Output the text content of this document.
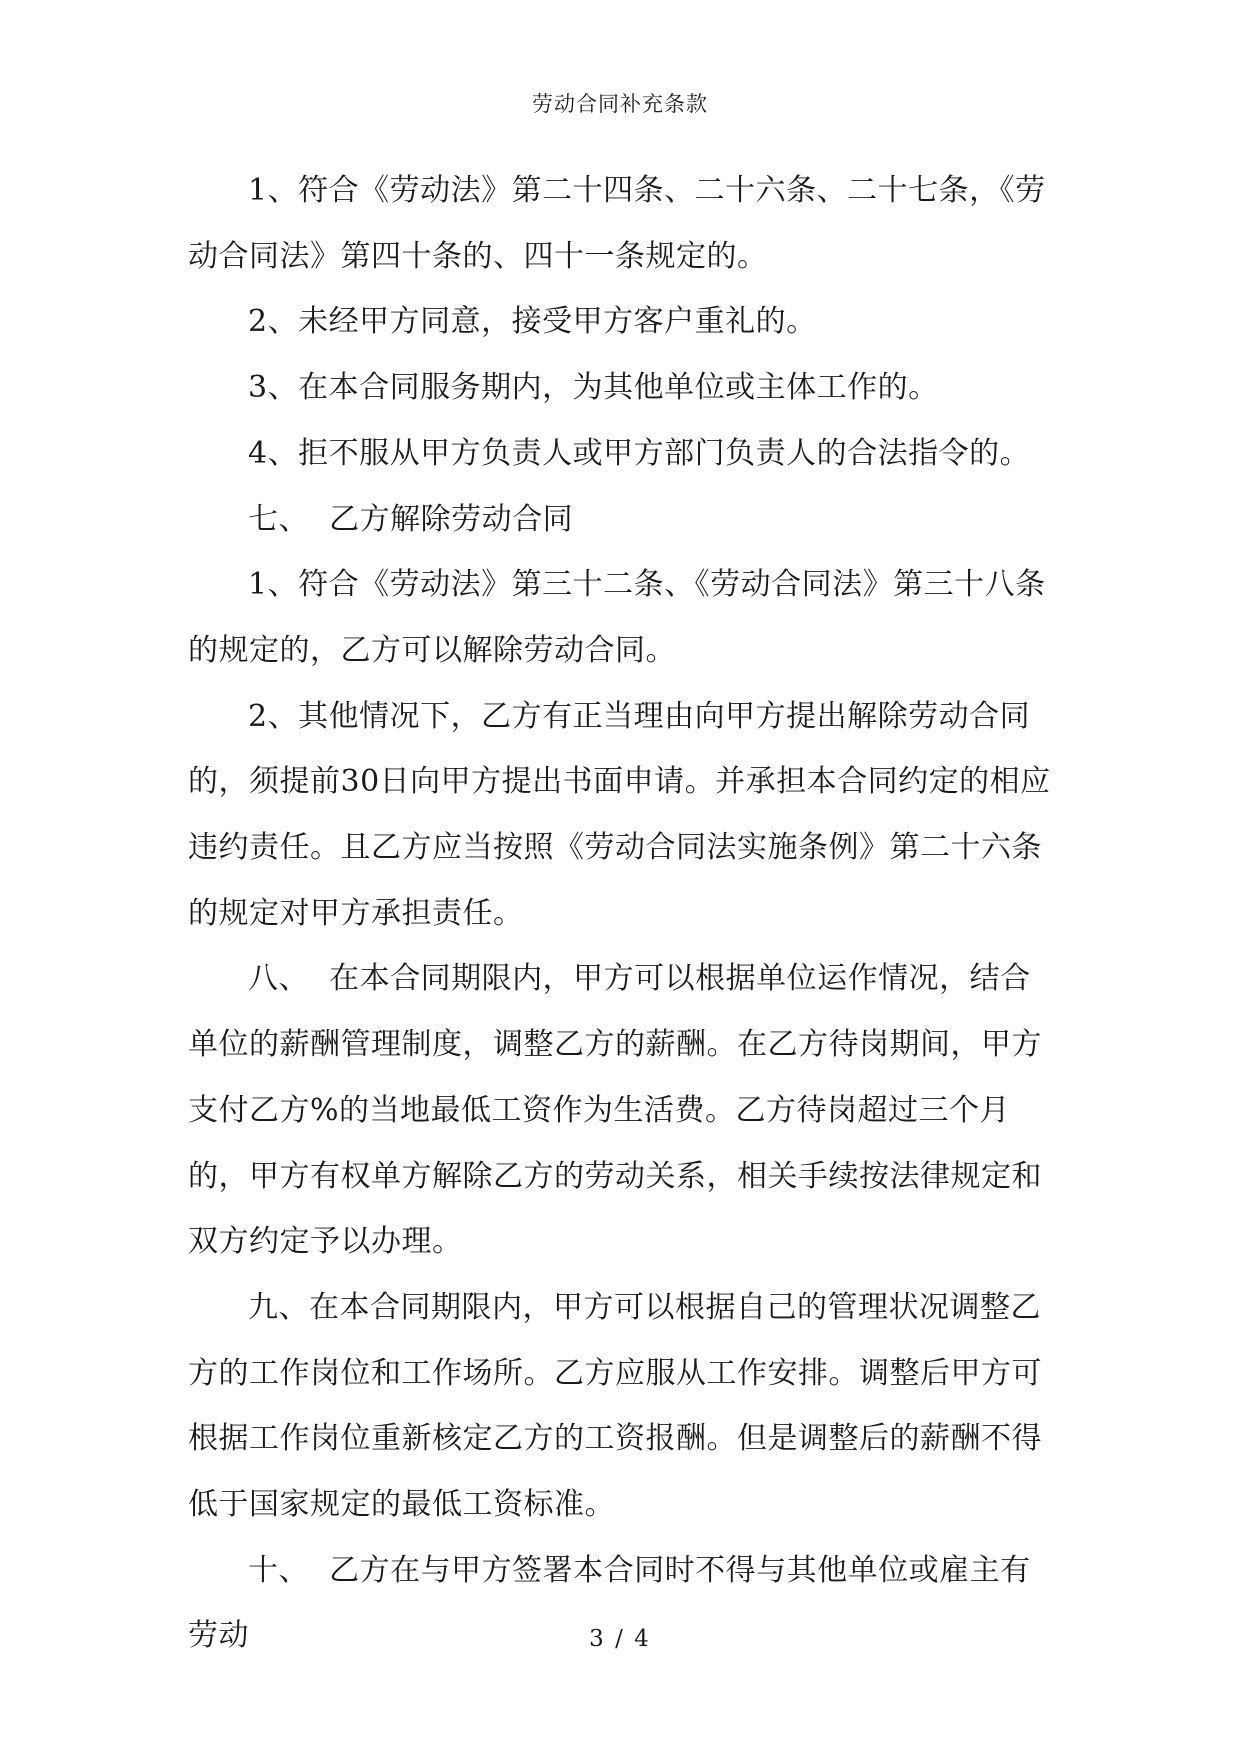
劳动合同补充条款

1、符合《劳动法》第二十四条、二十六条、二十七条，《劳动合同法》第四十条的、四十一条规定的。

2、未经甲方同意，接受甲方客户重礼的。

3、在本合同服务期内，为其他单位或主体工作的。

4、拒不服从甲方负责人或甲方部门负责人的合法指令的。

七、  乙方解除劳动合同

1、符合《劳动法》第三十二条、《劳动合同法》第三十八条的规定的，乙方可以解除劳动合同。

2、其他情况下，乙方有正当理由向甲方提出解除劳动合同的，须提前30日向甲方提出书面申请。并承担本合同约定的相应违约责任。且乙方应当按照《劳动合同法实施条例》第二十六条的规定对甲方承担责任。

八、  在本合同期限内，甲方可以根据单位运作情况，结合单位的薪酬管理制度，调整乙方的薪酬。在乙方待岗期间，甲方支付乙方%的当地最低工资作为生活费。乙方待岗超过三个月的，甲方有权单方解除乙方的劳动关系，相关手续按法律规定和双方约定予以办理。

九、在本合同期限内，甲方可以根据自己的管理状况调整乙方的工作岗位和工作场所。乙方应服从工作安排。调整后甲方可根据工作岗位重新核定乙方的工资报酬。但是调整后的薪酬不得低于国家规定的最低工资标准。

十、  乙方在与甲方签署本合同时不得与其他单位或雇主有劳动	3 / 4
